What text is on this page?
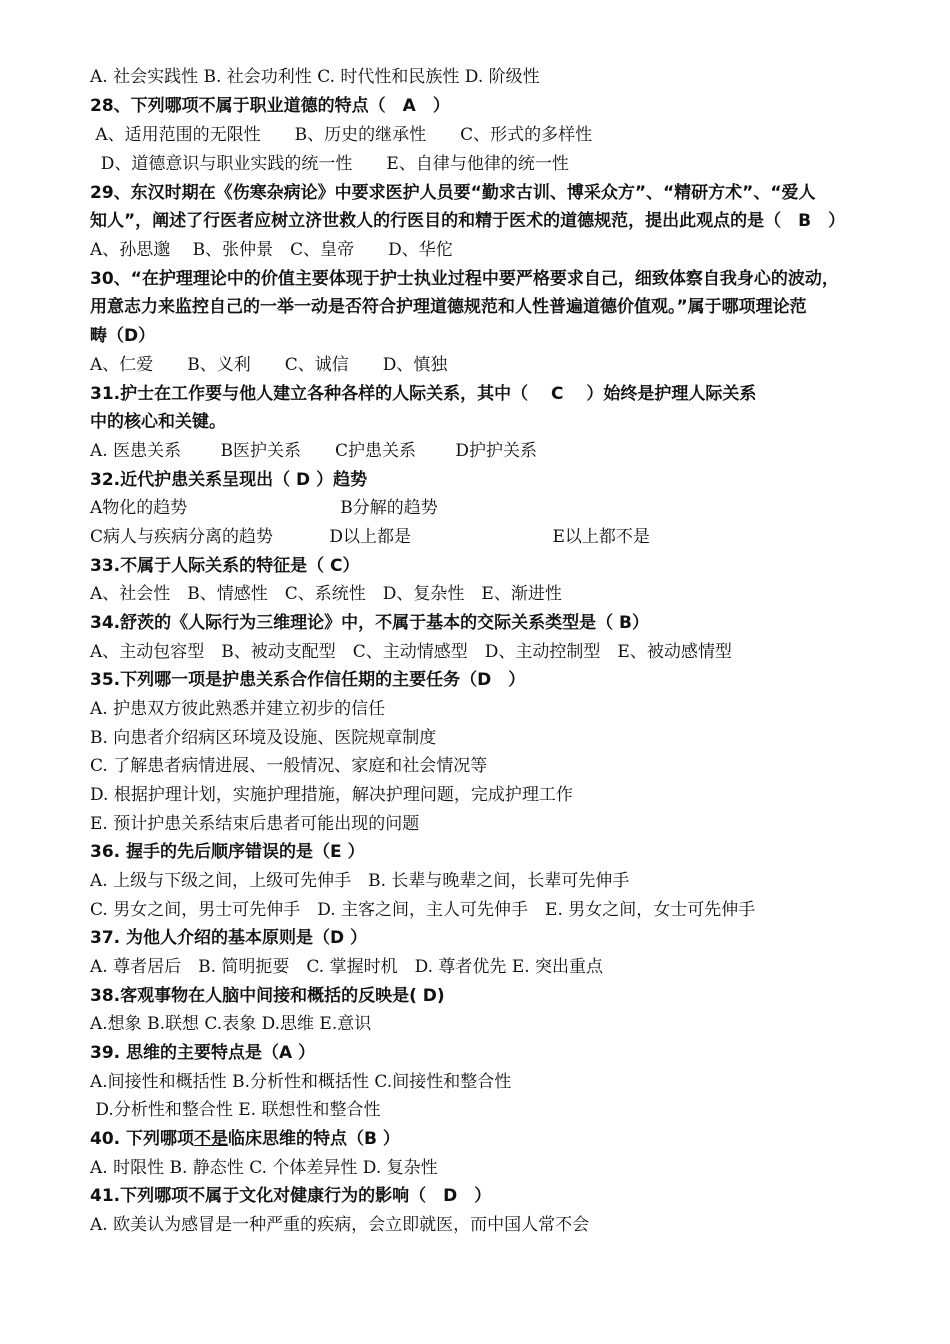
A. 社会实践性 B. 社会功利性 C. 时代性和民族性 D. 阶级性
28、下列哪项不属于职业道德的特点（　A　）
A、适用范围的无限性　　B、历史的继承性　　C、形式的多样性
D、道德意识与职业实践的统一性　　E、自律与他律的统一性
29、东汉时期在《伤寒杂病论》中要求医护人员要“勤求古训、博采众方”、“精研方术”、“爱人
知人”，阐述了行医者应树立济世救人的行医目的和精于医术的道德规范，提出此观点的是（　B　）
A、孙思邈　 B、张仲景　C、皇帝　　D、华佗
30、“在护理理论中的价值主要体现于护士执业过程中要严格要求自己，细致体察自我身心的波动，
用意志力来监控自己的一举一动是否符合护理道德规范和人性普遍道德价值观。”属于哪项理论范
畴（D）
A、仁爱　　B、义利　　C、诚信　　D、慎独
31.护士在工作要与他人建立各种各样的人际关系，其中（　 C　 ）始终是护理人际关系
中的核心和关键。
A. 医患关系　　 B医护关系　　C护患关系　　 D护护关系
32.近代护患关系呈现出（ D ）趋势
A物化的趋势　　　　　　　　　B分解的趋势
C病人与疾病分离的趋势　　　 D以上都是　　　　　　　　 E以上都不是
33.不属于人际关系的特征是（ C）
A、社会性　B、情感性　C、系统性　D、复杂性　E、渐进性
34.舒茨的《人际行为三维理论》中，不属于基本的交际关系类型是（ B）
A、主动包容型　B、被动支配型　C、主动情感型　D、主动控制型　E、被动感情型
35.下列哪一项是护患关系合作信任期的主要任务（D　）
A. 护患双方彼此熟悉并建立初步的信任
B. 向患者介绍病区环境及设施、医院规章制度
C. 了解患者病情进展、一般情况、家庭和社会情况等
D. 根据护理计划，实施护理措施，解决护理问题，完成护理工作
E. 预计护患关系结束后患者可能出现的问题
36. 握手的先后顺序错误的是（E ）
A. 上级与下级之间，上级可先伸手　B. 长辈与晚辈之间，长辈可先伸手
C. 男女之间，男士可先伸手　D. 主客之间，主人可先伸手　E. 男女之间，女士可先伸手
37. 为他人介绍的基本原则是（D ）
A. 尊者居后　B. 简明扼要　C. 掌握时机　D. 尊者优先 E. 突出重点
38.客观事物在人脑中间接和概括的反映是( D)
A.想象 B.联想 C.表象 D.思维 E.意识
39. 思维的主要特点是（A ）
A.间接性和概括性 B.分析性和概括性 C.间接性和整合性
D.分析性和整合性 E. 联想性和整合性
40. 下列哪项不是临床思维的特点（B ）
A. 时限性 B. 静态性 C. 个体差异性 D. 复杂性
41.下列哪项不属于文化对健康行为的影响（　D　）
A. 欧美认为感冒是一种严重的疾病，会立即就医，而中国人常不会
